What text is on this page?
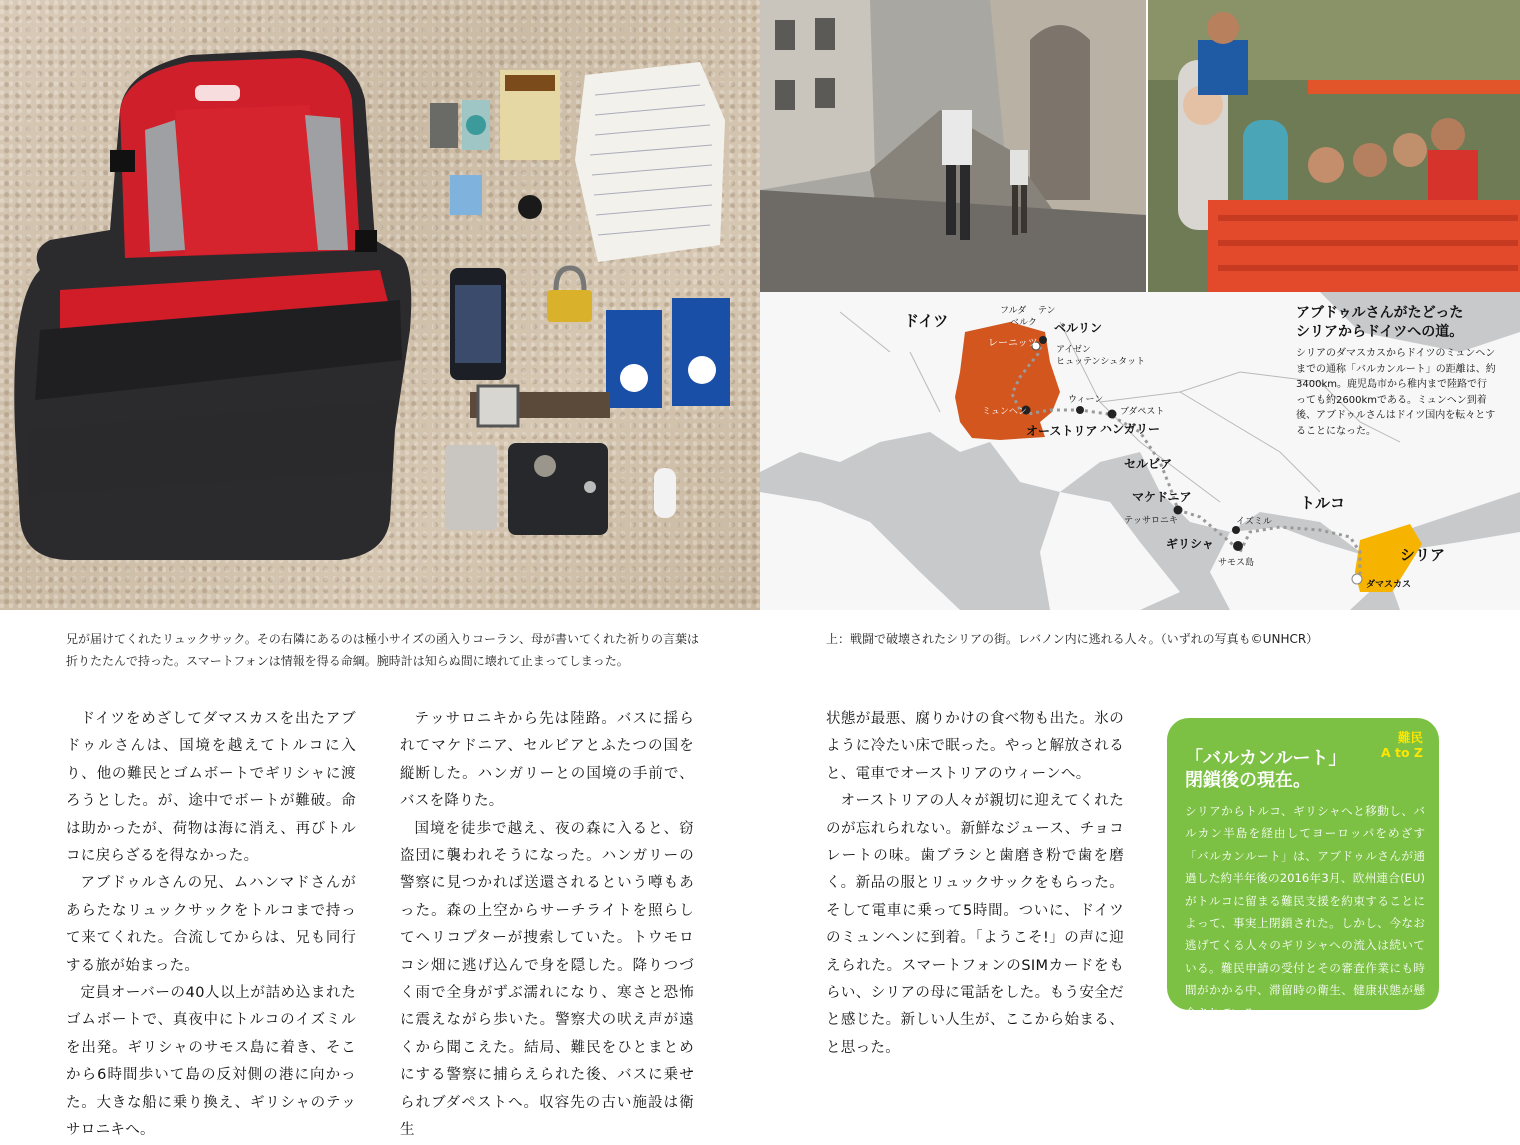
ドイツ
フルダ テン
ベルク ベルリン
レーニッツ
アイゼン
ヒュッテンシュタット
ウィーン
ブダペスト
ミュンヘン
オーストリア ハンガリー
セルビア
マケドニア
テッサロニキ
ギリシャ
サモス島
イズミル
トルコ
シリア
ダマスカス
アブドゥルさんがたどった
シリアからドイツへの道。
シリアのダマスカスからドイツのミュンヘンまでの通称「バルカンルート」の距離は、約3400km。鹿児島市から稚内まで陸路で行っても約2600kmである。ミュンヘン到着後、アブドゥルさんはドイツ国内を転々とすることになった。
兄が届けてくれたリュックサック。その右隣にあるのは極小サイズの函入りコーラン、母が書いてくれた祈りの言葉は
折りたたんで持った。スマートフォンは情報を得る命綱。腕時計は知らぬ間に壊れて止まってしまった。
上：戦闘で破壊されたシリアの街。レバノン内に逃れる人々。（いずれの写真も©UNHCR）

ドイツをめざしてダマスカスを出たアブドゥルさんは、国境を越えてトルコに入り、他の難民とゴムボートでギリシャに渡ろうとした。が、途中でボートが難破。命は助かったが、荷物は海に消え、再びトルコに戻らざるを得なかった。

アブドゥルさんの兄、ムハンマドさんがあらたなリュックサックをトルコまで持って来てくれた。合流してからは、兄も同行する旅が始まった。

定員オーバーの40人以上が詰め込まれたゴムボートで、真夜中にトルコのイズミルを出発。ギリシャのサモス島に着き、そこから6時間歩いて島の反対側の港に向かった。大きな船に乗り換え、ギリシャのテッサロニキへ。

テッサロニキから先は陸路。バスに揺られてマケドニア、セルビアとふたつの国を縦断した。ハンガリーとの国境の手前で、バスを降りた。

国境を徒歩で越え、夜の森に入ると、窃盗団に襲われそうになった。ハンガリーの警察に見つかれば送還されるという噂もあった。森の上空からサーチライトを照らしてヘリコプターが捜索していた。トウモロコシ畑に逃げ込んで身を隠した。降りつづく雨で全身がずぶ濡れになり、寒さと恐怖に震えながら歩いた。警察犬の吠え声が遠くから聞こえた。結局、難民をひとまとめにする警察に捕らえられた後、バスに乗せられブダペストへ。収容先の古い施設は衛生

状態が最悪、腐りかけの食べ物も出た。氷のように冷たい床で眠った。やっと解放されると、電車でオーストリアのウィーンへ。

オーストリアの人々が親切に迎えてくれたのが忘れられない。新鮮なジュース、チョコレートの味。歯ブラシと歯磨き粉で歯を磨く。新品の服とリュックサックをもらった。そして電車に乗って5時間。ついに、ドイツのミュンヘンに到着。「ようこそ!」の声に迎えられた。スマートフォンのSIMカードをもらい、シリアの母に電話をした。もう安全だと感じた。新しい人生が、ここから始まる、と思った。

難民
A to Z
「バルカンルート」
閉鎖後の現在。
シリアからトルコ、ギリシャへと移動し、バルカン半島を経由してヨーロッパをめざす「バルカンルート」は、アブドゥルさんが通過した約半年後の2016年3月、欧州連合(EU)がトルコに留まる難民支援を約束することによって、事実上閉鎖された。しかし、今なお逃げてくる人々のギリシャへの流入は続いている。難民申請の受付とその審査作業にも時間がかかる中、滞留時の衛生、健康状態が懸念されている。
